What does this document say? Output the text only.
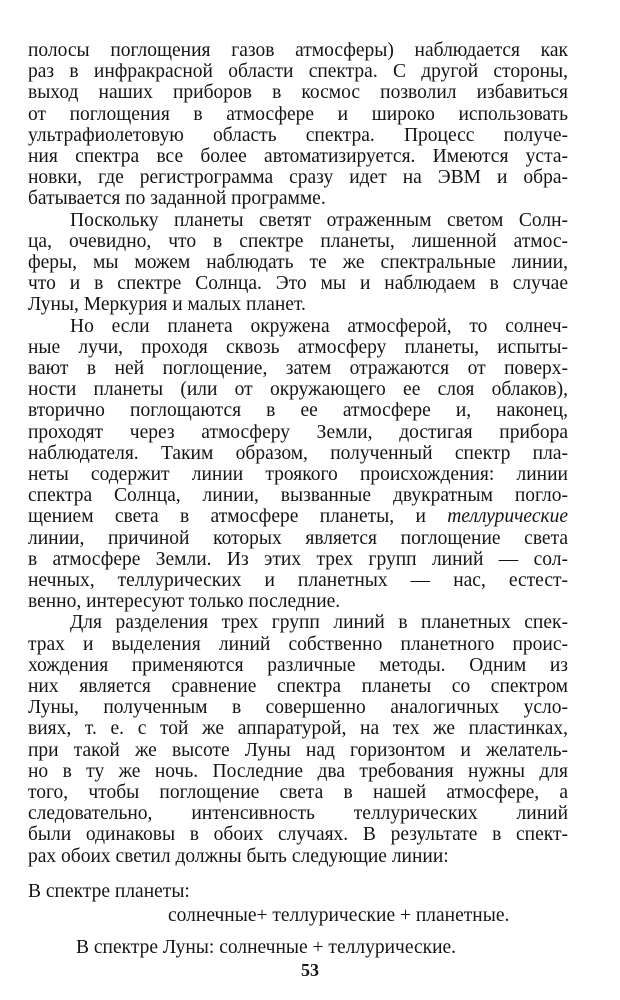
полосы поглощения газов атмосферы) наблюдается как
раз в инфракрасной области спектра. С другой стороны,
выход наших приборов в космос позволил избавиться
от поглощения в атмосфере и широко использовать
ультрафиолетовую область спектра. Процесс получе-
ния спектра все более автоматизируется. Имеются уста-
новки, где регистрограмма сразу идет на ЭВМ и обра-
батывается по заданной программе.
Поскольку планеты светят отраженным светом Солн-
ца, очевидно, что в спектре планеты, лишенной атмос-
феры, мы можем наблюдать те же спектральные линии,
что и в спектре Солнца. Это мы и наблюдаем в случае
Луны, Меркурия и малых планет.
Но если планета окружена атмосферой, то солнеч-
ные лучи, проходя сквозь атмосферу планеты, испыты-
вают в ней поглощение, затем отражаются от поверх-
ности планеты (или от окружающего ее слоя облаков),
вторично поглощаются в ее атмосфере и, наконец,
проходят через атмосферу Земли, достигая прибора
наблюдателя. Таким образом, полученный спектр пла-
неты содержит линии троякого происхождения: линии
спектра Солнца, линии, вызванные двукратным погло-
щением света в атмосфере планеты, и теллурические
линии, причиной которых является поглощение света
в атмосфере Земли. Из этих трех групп линий — сол-
нечных, теллурических и планетных — нас, естест-
венно, интересуют только последние.
Для разделения трех групп линий в планетных спек-
трах и выделения линий собственно планетного проис-
хождения применяются различные методы. Одним из
них является сравнение спектра планеты со спектром
Луны, полученным в совершенно аналогичных усло-
виях, т. е. с той же аппаратурой, на тех же пластинках,
при такой же высоте Луны над горизонтом и желатель-
но в ту же ночь. Последние два требования нужны для
того, чтобы поглощение света в нашей атмосфере, а
следовательно, интенсивность теллурических линий
были одинаковы в обоих случаях. В результате в спект-
рах обоих светил должны быть следующие линии:
В спектре планеты:
солнечные+ теллурические + планетные.
В спектре Луны: солнечные + теллурические.
53
